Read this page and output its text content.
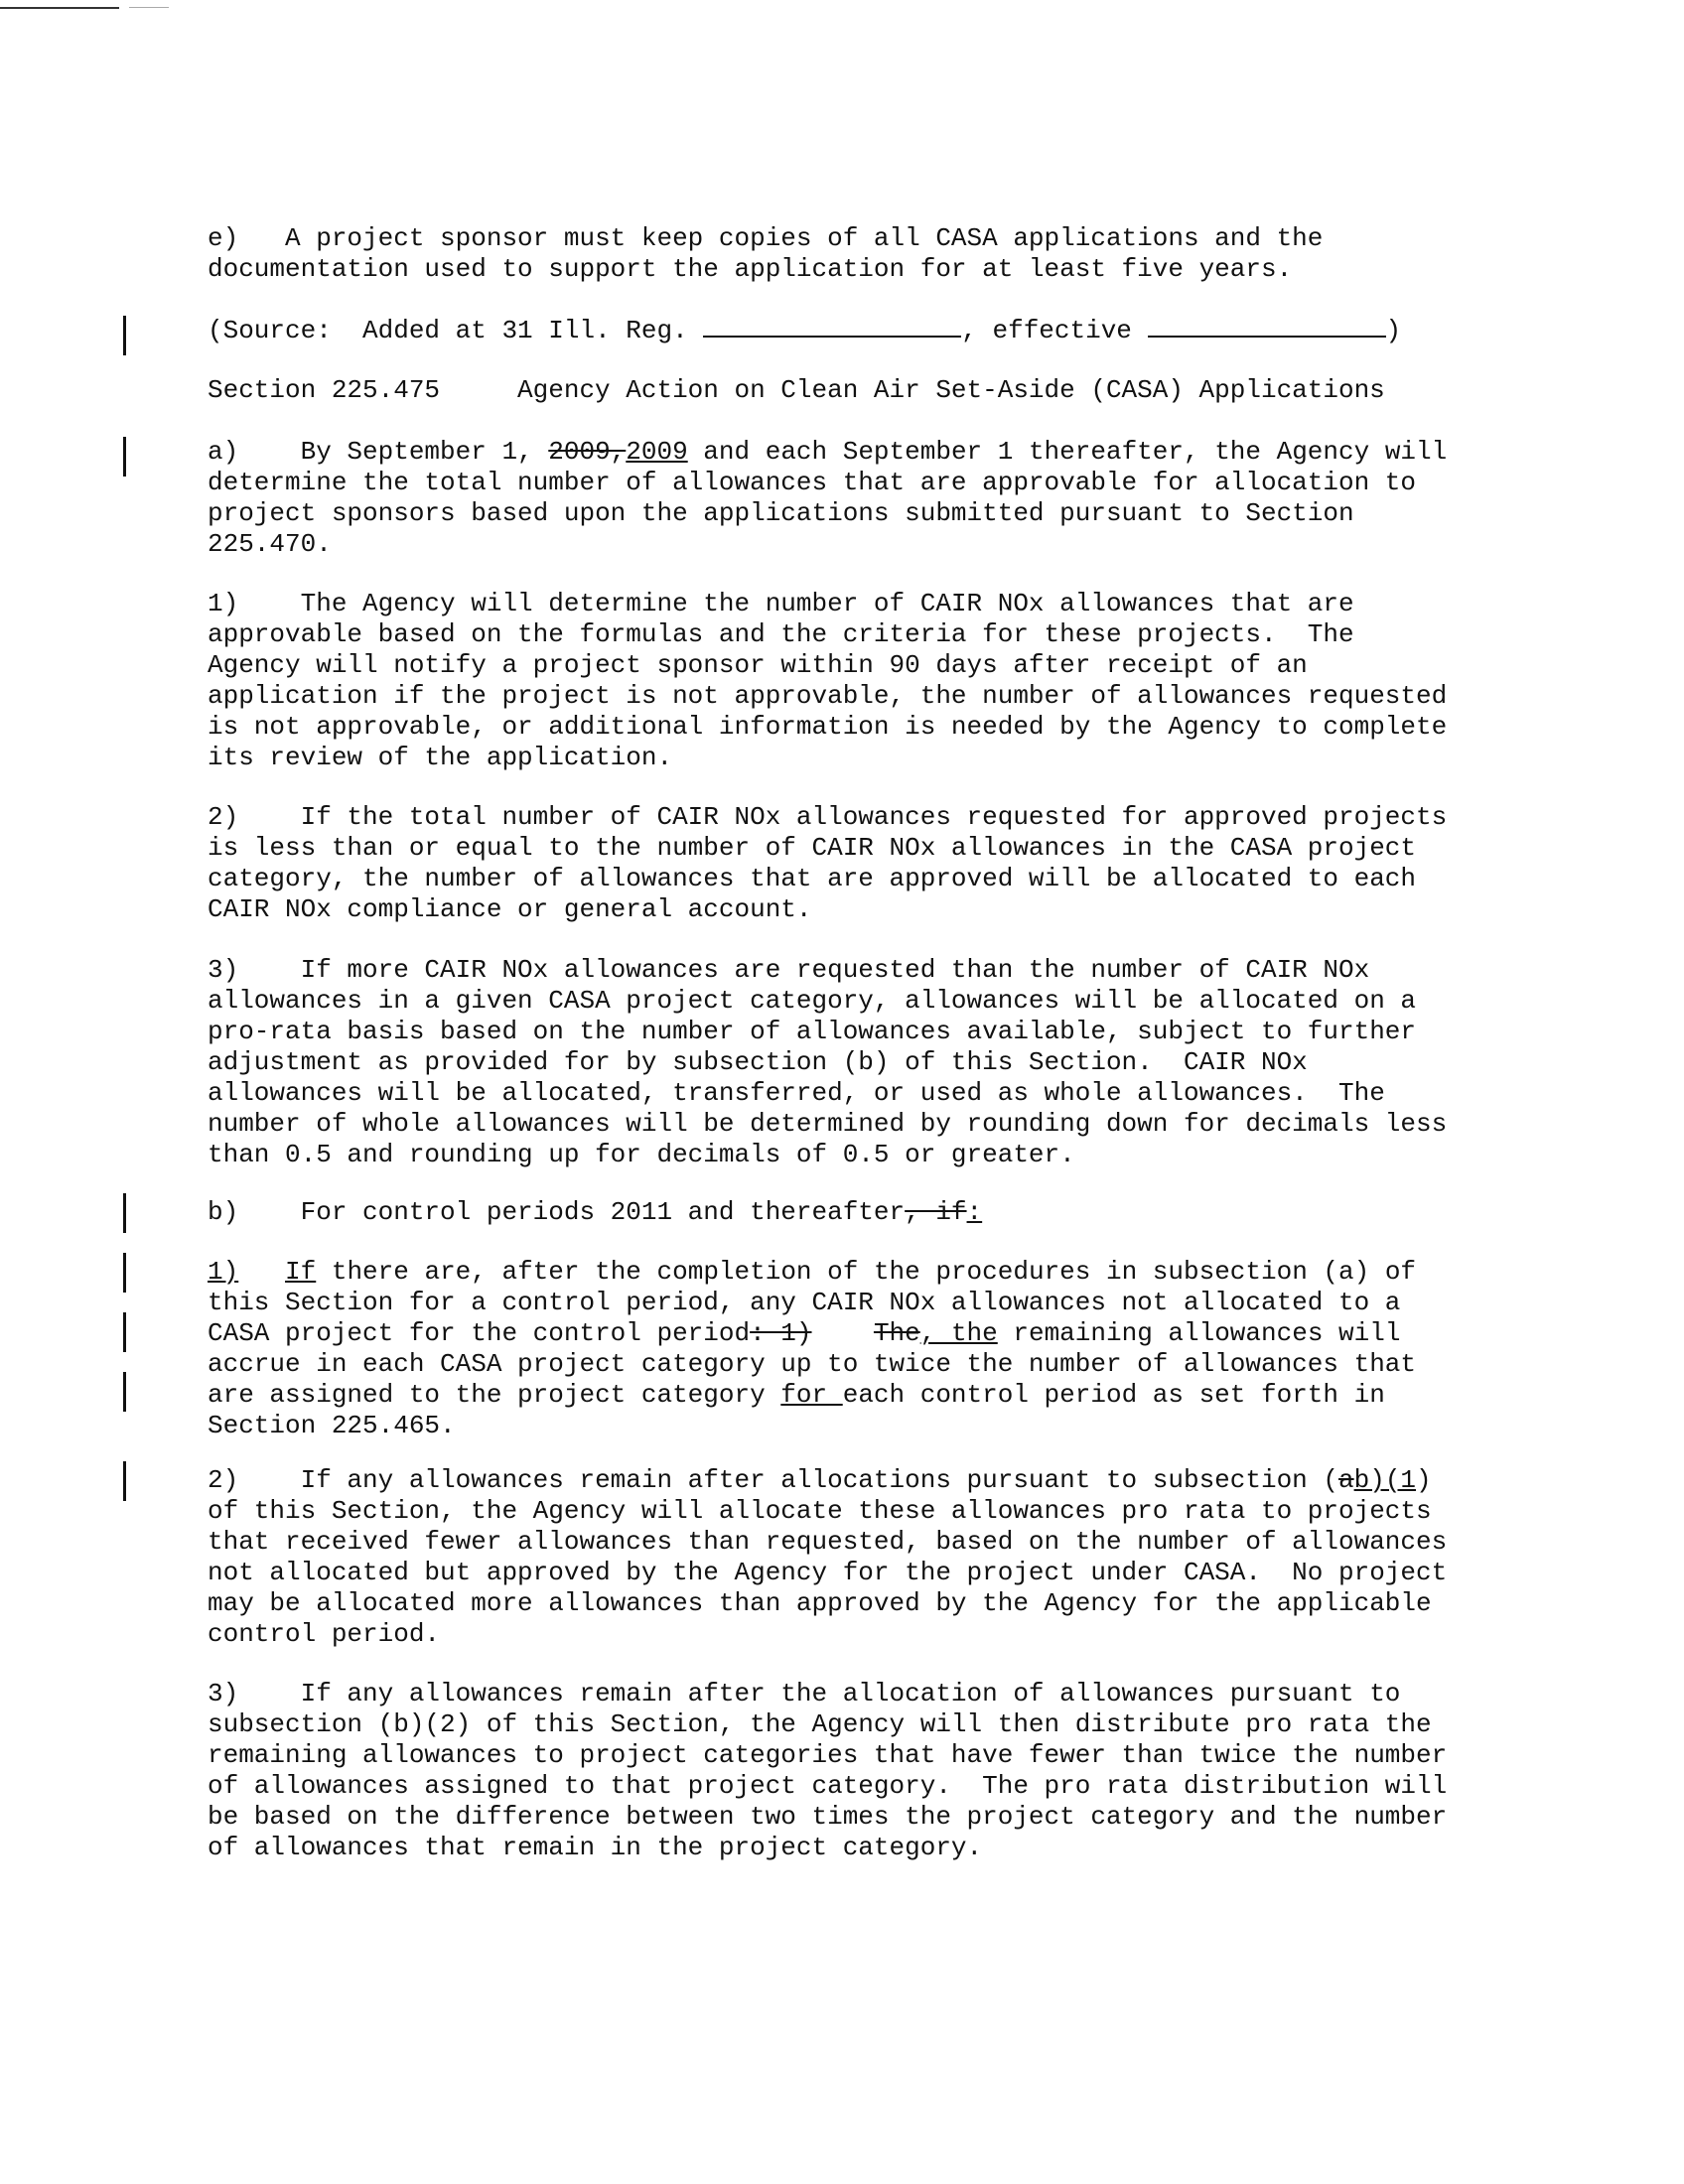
e)   A project sponsor must keep copies of all CASA applications and the
documentation used to support the application for at least five years.

(Source:  Added at 31 Ill. Reg.	, effective	)

Section 225.475	Agency Action on Clean Air Set-Aside (CASA) Applications

a)    By September 1, 2009,2009 and each September 1 thereafter, the Agency will
determine the total number of allowances that are approvable for allocation to
project sponsors based upon the applications submitted pursuant to Section
225.470.

1)    The Agency will determine the number of CAIR NOx allowances that are
approvable based on the formulas and the criteria for these projects.  The
Agency will notify a project sponsor within 90 days after receipt of an
application if the project is not approvable, the number of allowances requested
is not approvable, or additional information is needed by the Agency to complete
its review of the application.

2)    If the total number of CAIR NOx allowances requested for approved projects
is less than or equal to the number of CAIR NOx allowances in the CASA project
category, the number of allowances that are approved will be allocated to each
CAIR NOx compliance or general account.

3)    If more CAIR NOx allowances are requested than the number of CAIR NOx
allowances in a given CASA project category, allowances will be allocated on a
pro-rata basis based on the number of allowances available, subject to further
adjustment as provided for by subsection (b) of this Section.  CAIR NOx
allowances will be allocated, transferred, or used as whole allowances.  The
number of whole allowances will be determined by rounding down for decimals less
than 0.5 and rounding up for decimals of 0.5 or greater.

b)    For control periods 2011 and thereafter, if:

1) If there are, after the completion of the procedures in subsection (a) of
this Section for a control period, any CAIR NOx allowances not allocated to a
CASA project for the control period: 1) The, the remaining allowances will
accrue in each CASA project category up to twice the number of allowances that
are assigned to the project category for each control period as set forth in
Section 225.465.

2)    If any allowances remain after allocations pursuant to subsection (ab)(1)
of this Section, the Agency will allocate these allowances pro rata to projects
that received fewer allowances than requested, based on the number of allowances
not allocated but approved by the Agency for the project under CASA.  No project
may be allocated more allowances than approved by the Agency for the applicable
control period.

3)    If any allowances remain after the allocation of allowances pursuant to
subsection (b)(2) of this Section, the Agency will then distribute pro rata the
remaining allowances to project categories that have fewer than twice the number
of allowances assigned to that project category.  The pro rata distribution will
be based on the difference between two times the project category and the number
of allowances that remain in the project category.
